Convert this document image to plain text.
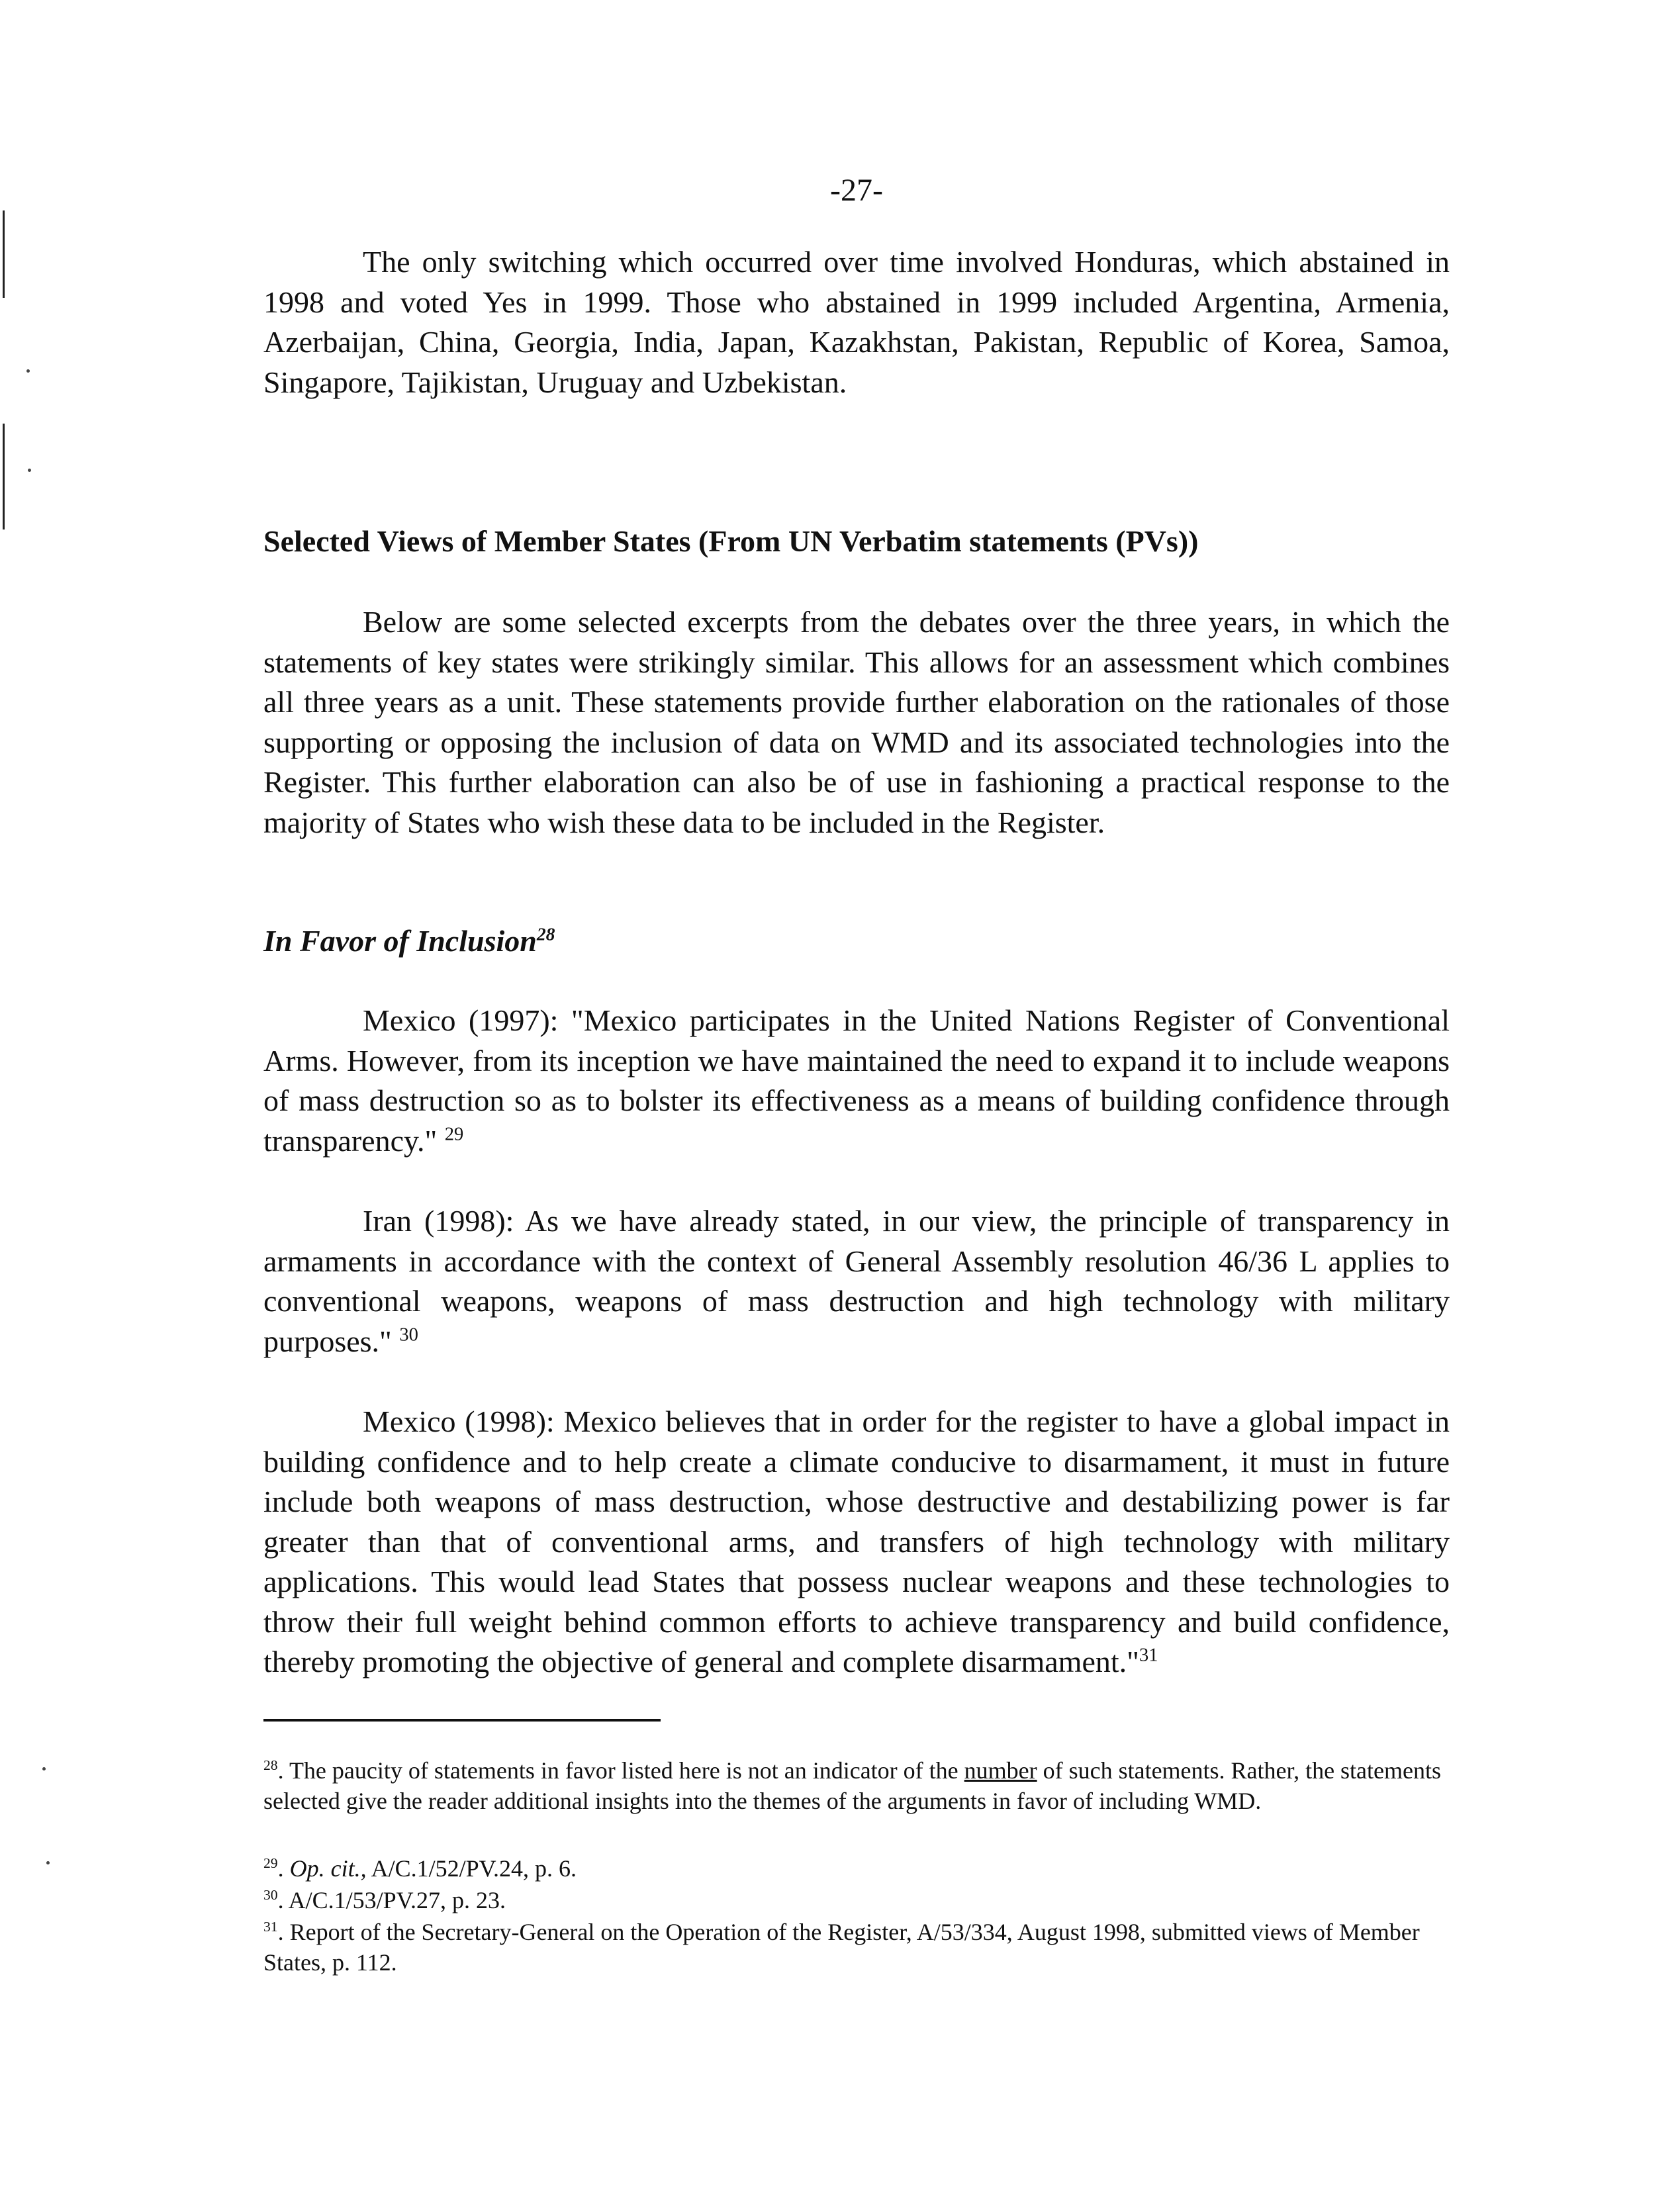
-27-

The only switching which occurred over time involved Honduras, which abstained in 1998 and voted Yes in 1999. Those who abstained in 1999 included Argentina, Armenia, Azerbaijan, China, Georgia, India, Japan, Kazakhstan, Pakistan, Republic of Korea, Samoa, Singapore, Tajikistan, Uruguay and Uzbekistan.

Selected Views of Member States (From UN Verbatim statements (PVs))

Below are some selected excerpts from the debates over the three years, in which the statements of key states were strikingly similar. This allows for an assessment which combines all three years as a unit. These statements provide further elaboration on the rationales of those supporting or opposing the inclusion of data on WMD and its associated technologies into the Register. This further elaboration can also be of use in fashioning a practical response to the majority of States who wish these data to be included in the Register.

In Favor of Inclusion$^{28}$

Mexico (1997): "Mexico participates in the United Nations Register of Conventional Arms. However, from its inception we have maintained the need to expand it to include weapons of mass destruction so as to bolster its effectiveness as a means of building confidence through transparency." $^{29}$

Iran (1998): As we have already stated, in our view, the principle of transparency in armaments in accordance with the context of General Assembly resolution 46/36 L applies to conventional weapons, weapons of mass destruction and high technology with military purposes." $^{30}$

Mexico (1998): Mexico believes that in order for the register to have a global impact in building confidence and to help create a climate conducive to disarmament, it must in future include both weapons of mass destruction, whose destructive and destabilizing power is far greater than that of conventional arms, and transfers of high technology with military applications. This would lead States that possess nuclear weapons and these technologies to throw their full weight behind common efforts to achieve transparency and build confidence, thereby promoting the objective of general and complete disarmament."$^{31}$

$^{28}$. The paucity of statements in favor listed here is not an indicator of the number of such statements. Rather, the statements selected give the reader additional insights into the themes of the arguments in favor of including WMD.

$^{29}$. Op. cit., A/C.1/52/PV.24, p. 6.

$^{30}$. A/C.1/53/PV.27, p. 23.

$^{31}$. Report of the Secretary-General on the Operation of the Register, A/53/334, August 1998, submitted views of Member States, p. 112.
